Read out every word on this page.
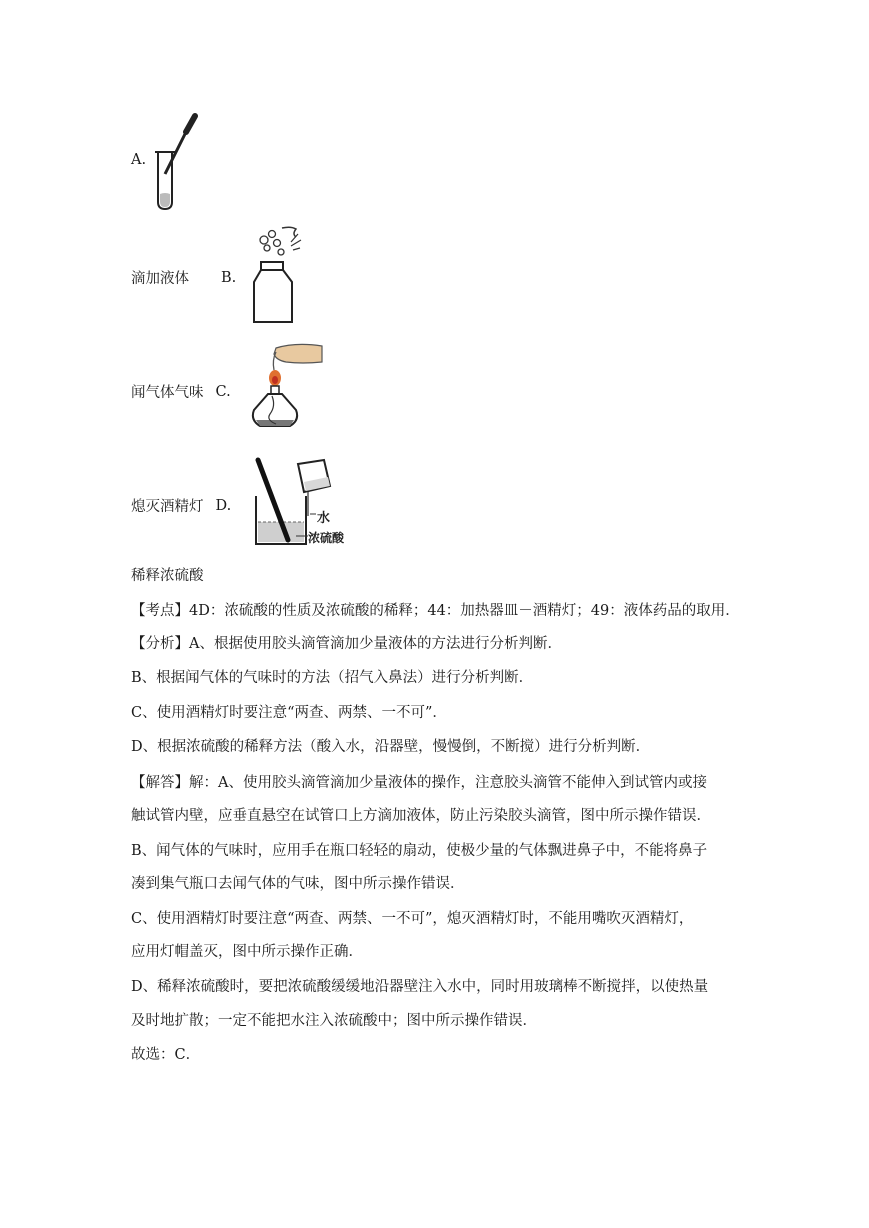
A.
滴加液体 B.
闻气体气味 C.
熄灭酒精灯 D.
水
浓硫酸
稀释浓硫酸
【考点】4D：浓硫酸的性质及浓硫酸的稀释；44：加热器皿－酒精灯；49：液体药品的取用．
【分析】A、根据使用胶头滴管滴加少量液体的方法进行分析判断．
B、根据闻气体的气味时的方法（招气入鼻法）进行分析判断．
C、使用酒精灯时要注意“两查、两禁、一不可”．
D、根据浓硫酸的稀释方法（酸入水，沿器壁，慢慢倒，不断搅）进行分析判断．
【解答】解：A、使用胶头滴管滴加少量液体的操作，注意胶头滴管不能伸入到试管内或接
触试管内壁，应垂直悬空在试管口上方滴加液体，防止污染胶头滴管，图中所示操作错误．
B、闻气体的气味时，应用手在瓶口轻轻的扇动，使极少量的气体飘进鼻子中，不能将鼻子
凑到集气瓶口去闻气体的气味，图中所示操作错误．
C、使用酒精灯时要注意“两查、两禁、一不可”，熄灭酒精灯时，不能用嘴吹灭酒精灯，
应用灯帽盖灭，图中所示操作正确．
D、稀释浓硫酸时，要把浓硫酸缓缓地沿器壁注入水中，同时用玻璃棒不断搅拌，以使热量
及时地扩散；一定不能把水注入浓硫酸中；图中所示操作错误．
故选：C．
